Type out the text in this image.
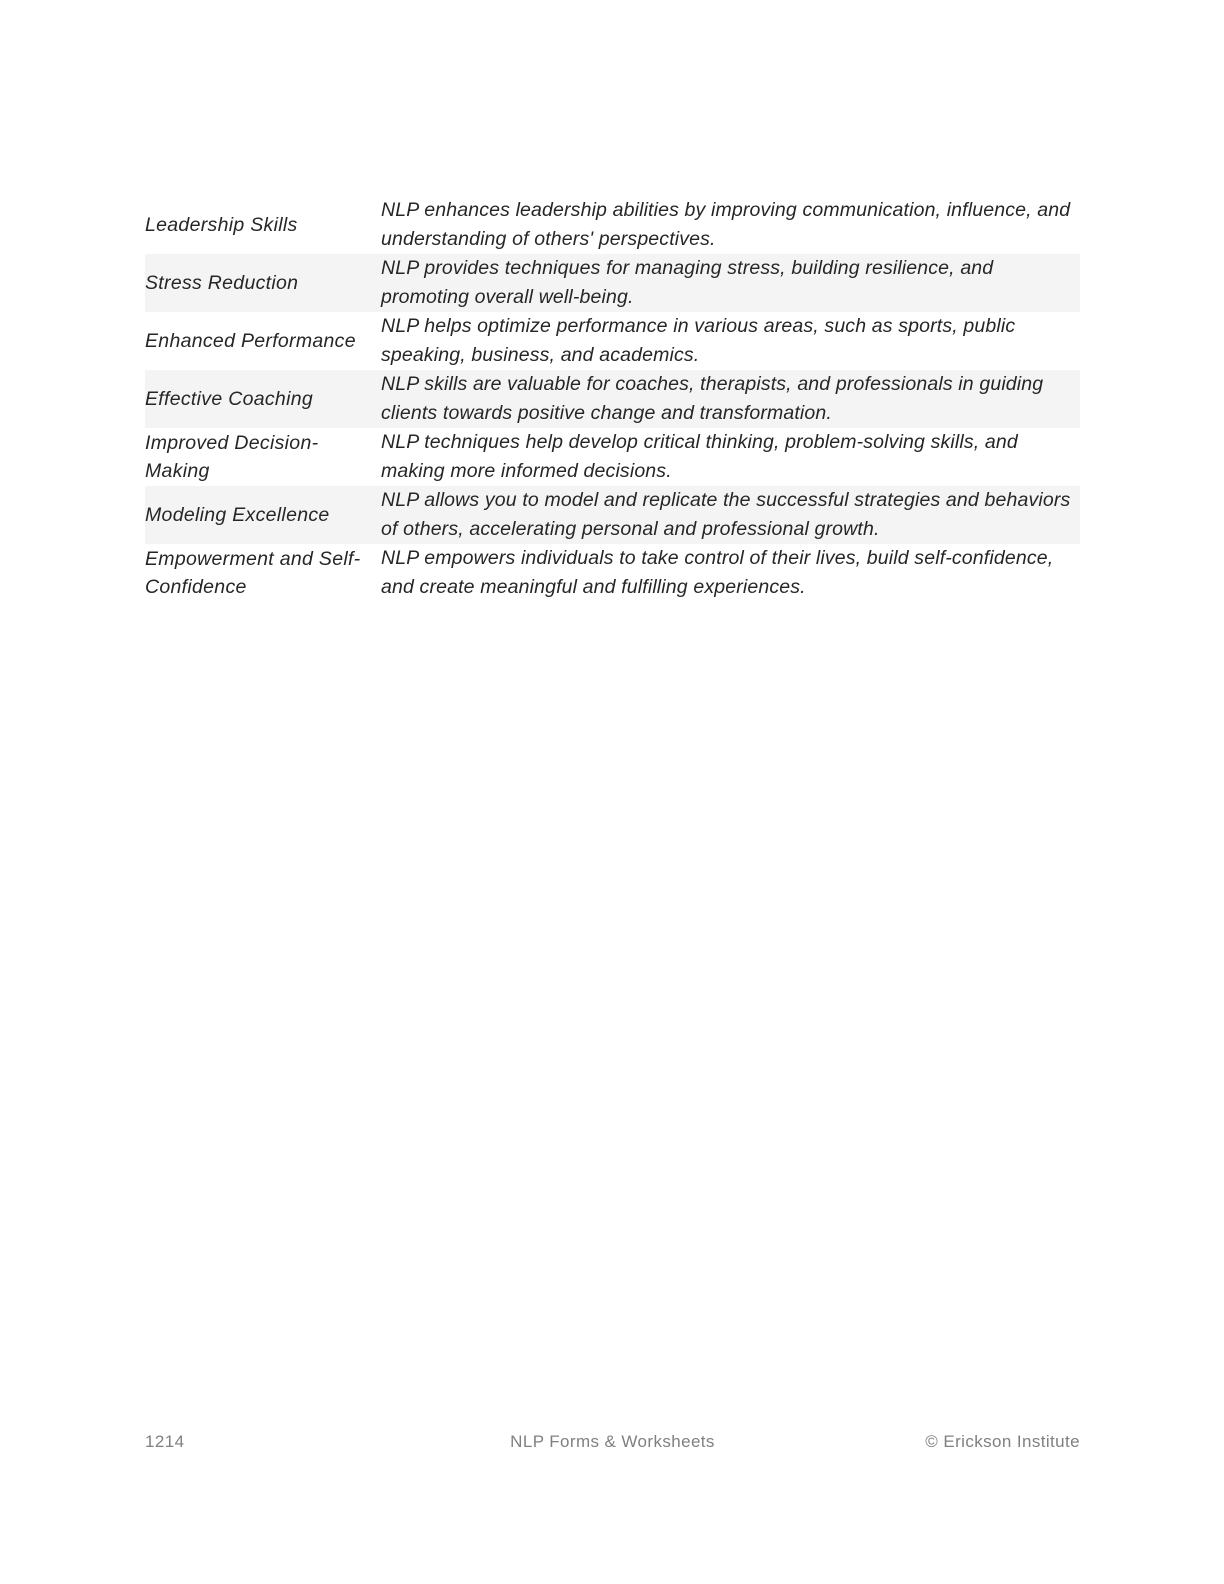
Leadership Skills	NLP enhances leadership abilities by improving communication, influence, and understanding of others' perspectives.
Stress Reduction	NLP provides techniques for managing stress, building resilience, and promoting overall well-being.
Enhanced Performance	NLP helps optimize performance in various areas, such as sports, public speaking, business, and academics.
Effective Coaching	NLP skills are valuable for coaches, therapists, and professionals in guiding clients towards positive change and transformation.
Improved Decision-Making	NLP techniques help develop critical thinking, problem-solving skills, and making more informed decisions.
Modeling Excellence	NLP allows you to model and replicate the successful strategies and behaviors of others, accelerating personal and professional growth.
Empowerment and Self-Confidence	NLP empowers individuals to take control of their lives, build self-confidence, and create meaningful and fulfilling experiences.
1214	NLP Forms & Worksheets	© Erickson Institute
